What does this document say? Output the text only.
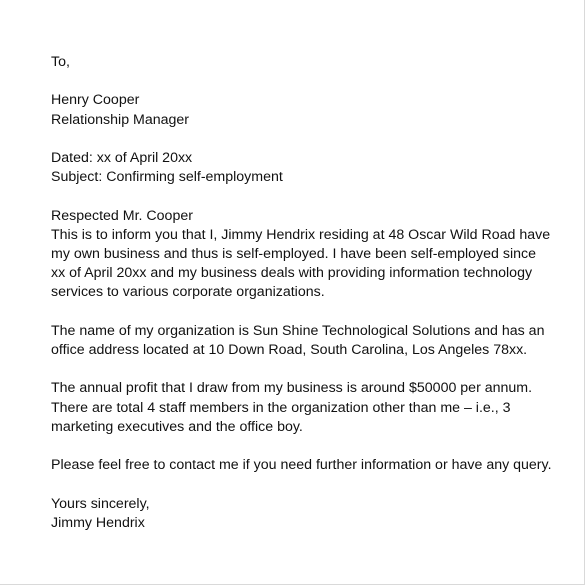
To,
Henry Cooper
Relationship Manager
Dated: xx of April 20xx
Subject: Confirming self-employment
Respected Mr. Cooper
This is to inform you that I, Jimmy Hendrix residing at 48 Oscar Wild Road have
my own business and thus is self-employed. I have been self-employed since
xx of April 20xx and my business deals with providing information technology
services to various corporate organizations.
The name of my organization is Sun Shine Technological Solutions and has an
office address located at 10 Down Road, South Carolina, Los Angeles 78xx.
The annual profit that I draw from my business is around $50000 per annum.
There are total 4 staff members in the organization other than me – i.e., 3
marketing executives and the office boy.
Please feel free to contact me if you need further information or have any query.
Yours sincerely,
Jimmy Hendrix
